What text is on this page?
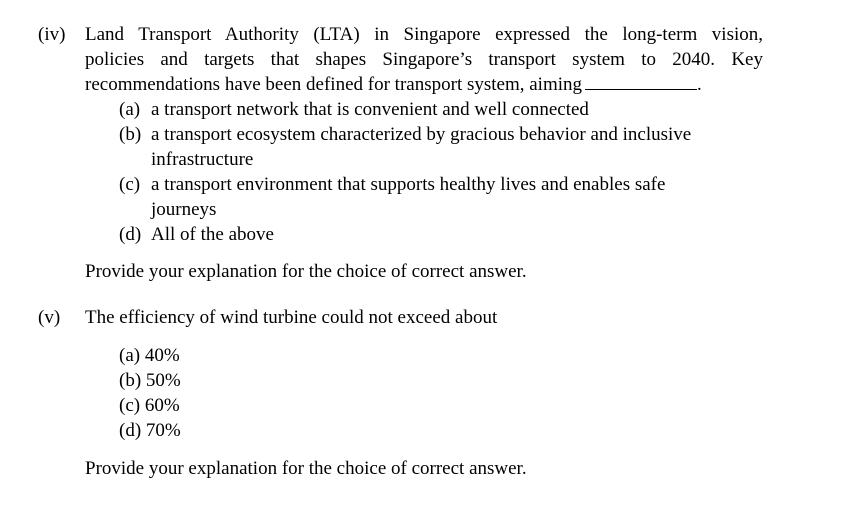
(iv) Land Transport Authority (LTA) in Singapore expressed the long-term vision,
policies and targets that shapes Singapore’s transport system to 2040. Key
recommendations have been defined for transport system, aiming	.
(a) a transport network that is convenient and well connected
(b) a transport ecosystem characterized by gracious behavior and inclusive
infrastructure
(c) a transport environment that supports healthy lives and enables safe
journeys
(d) All of the above
Provide your explanation for the choice of correct answer.
(v) The efficiency of wind turbine could not exceed about
(a) 40%
(b) 50%
(c) 60%
(d) 70%
Provide your explanation for the choice of correct answer.
